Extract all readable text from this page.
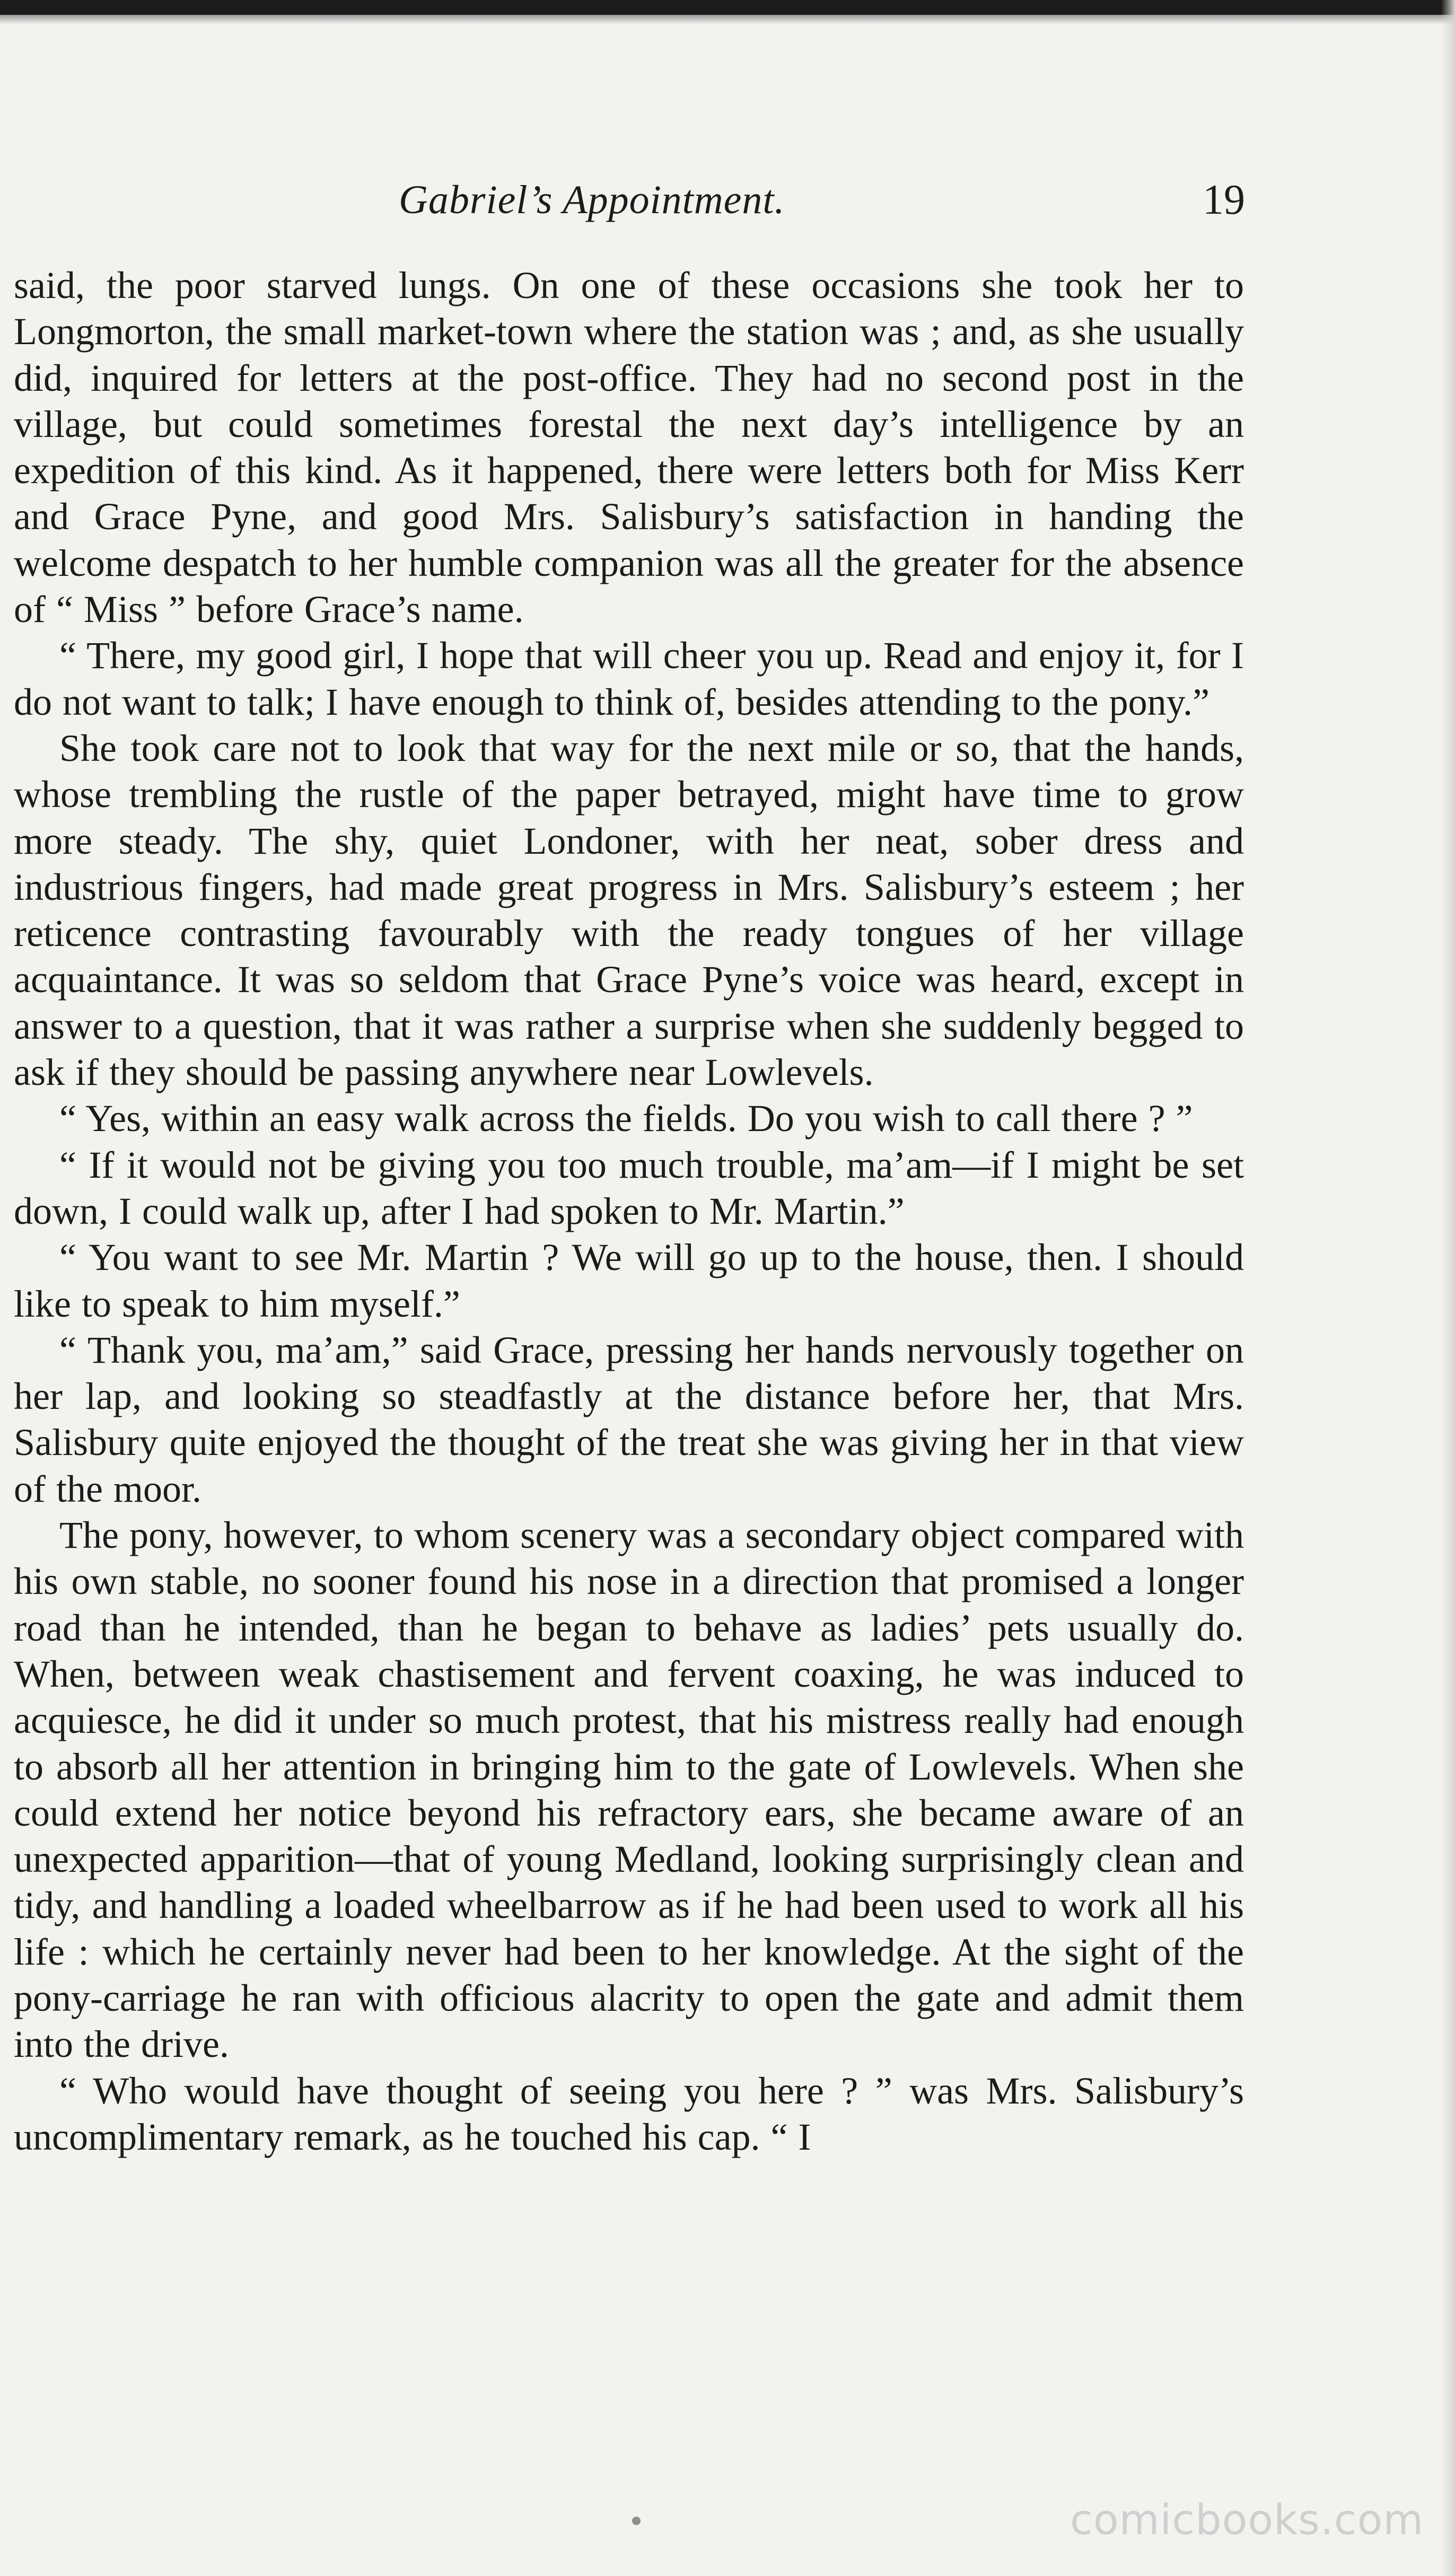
Gabriel’s Appointment.	19

said, the poor starved lungs. On one of these occasions she took her to Longmorton, the small market-town where the station was ; and, as she usually did, inquired for letters at the post-office. They had no second post in the village, but could sometimes forestal the next day’s intelligence by an expedition of this kind. As it happened, there were letters both for Miss Kerr and Grace Pyne, and good Mrs. Salisbury’s satisfaction in handing the welcome despatch to her humble companion was all the greater for the absence of “ Miss ” before Grace’s name.

“ There, my good girl, I hope that will cheer you up. Read and enjoy it, for I do not want to talk; I have enough to think of, besides attending to the pony.”

She took care not to look that way for the next mile or so, that the hands, whose trembling the rustle of the paper betrayed, might have time to grow more steady. The shy, quiet Londoner, with her neat, sober dress and industrious fingers, had made great progress in Mrs. Salisbury’s esteem ; her reticence contrasting favourably with the ready tongues of her village acquaintance. It was so seldom that Grace Pyne’s voice was heard, except in answer to a question, that it was rather a surprise when she suddenly begged to ask if they should be passing anywhere near Lowlevels.

“ Yes, within an easy walk across the fields. Do you wish to call there ? ”

“ If it would not be giving you too much trouble, ma’am—if I might be set down, I could walk up, after I had spoken to Mr. Martin.”

“ You want to see Mr. Martin ? We will go up to the house, then. I should like to speak to him myself.”

“ Thank you, ma’am,” said Grace, pressing her hands nervously together on her lap, and looking so steadfastly at the distance before her, that Mrs. Salisbury quite enjoyed the thought of the treat she was giving her in that view of the moor.

The pony, however, to whom scenery was a secondary object compared with his own stable, no sooner found his nose in a direction that promised a longer road than he intended, than he began to behave as ladies’ pets usually do. When, between weak chastisement and fervent coaxing, he was induced to acquiesce, he did it under so much protest, that his mistress really had enough to absorb all her attention in bringing him to the gate of Lowlevels. When she could extend her notice beyond his refractory ears, she became aware of an unexpected apparition—that of young Medland, looking surprisingly clean and tidy, and handling a loaded wheelbarrow as if he had been used to work all his life : which he certainly never had been to her knowledge. At the sight of the pony-carriage he ran with officious alacrity to open the gate and admit them into the drive.

“ Who would have thought of seeing you here ? ” was Mrs. Salisbury’s uncomplimentary remark, as he touched his cap. “ I

comicbooks.com
